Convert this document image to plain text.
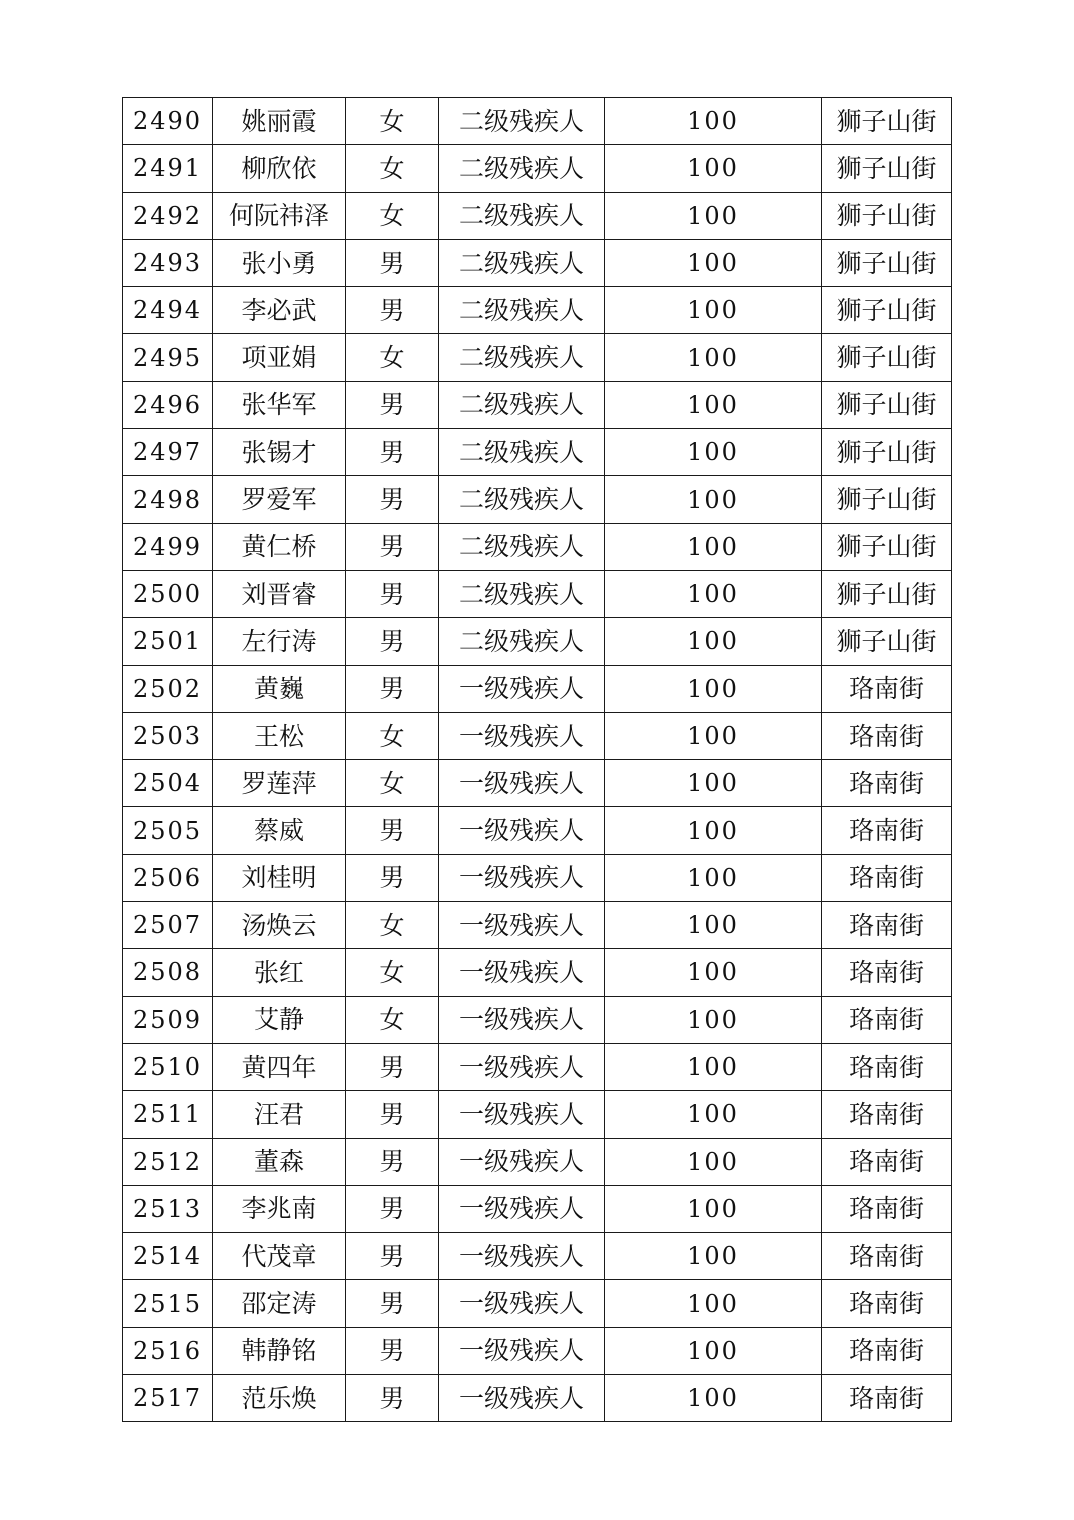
2490	姚丽霞	女	二级残疾人	100	狮子山街
2491	柳欣依	女	二级残疾人	100	狮子山街
2492	何阮祎泽	女	二级残疾人	100	狮子山街
2493	张小勇	男	二级残疾人	100	狮子山街
2494	李必武	男	二级残疾人	100	狮子山街
2495	项亚娟	女	二级残疾人	100	狮子山街
2496	张华军	男	二级残疾人	100	狮子山街
2497	张锡才	男	二级残疾人	100	狮子山街
2498	罗爱军	男	二级残疾人	100	狮子山街
2499	黄仁桥	男	二级残疾人	100	狮子山街
2500	刘晋睿	男	二级残疾人	100	狮子山街
2501	左行涛	男	二级残疾人	100	狮子山街
2502	黄巍	男	一级残疾人	100	珞南街
2503	王松	女	一级残疾人	100	珞南街
2504	罗莲萍	女	一级残疾人	100	珞南街
2505	蔡威	男	一级残疾人	100	珞南街
2506	刘桂明	男	一级残疾人	100	珞南街
2507	汤焕云	女	一级残疾人	100	珞南街
2508	张红	女	一级残疾人	100	珞南街
2509	艾静	女	一级残疾人	100	珞南街
2510	黄四年	男	一级残疾人	100	珞南街
2511	汪君	男	一级残疾人	100	珞南街
2512	董森	男	一级残疾人	100	珞南街
2513	李兆南	男	一级残疾人	100	珞南街
2514	代茂章	男	一级残疾人	100	珞南街
2515	邵定涛	男	一级残疾人	100	珞南街
2516	韩静铭	男	一级残疾人	100	珞南街
2517	范乐焕	男	一级残疾人	100	珞南街
